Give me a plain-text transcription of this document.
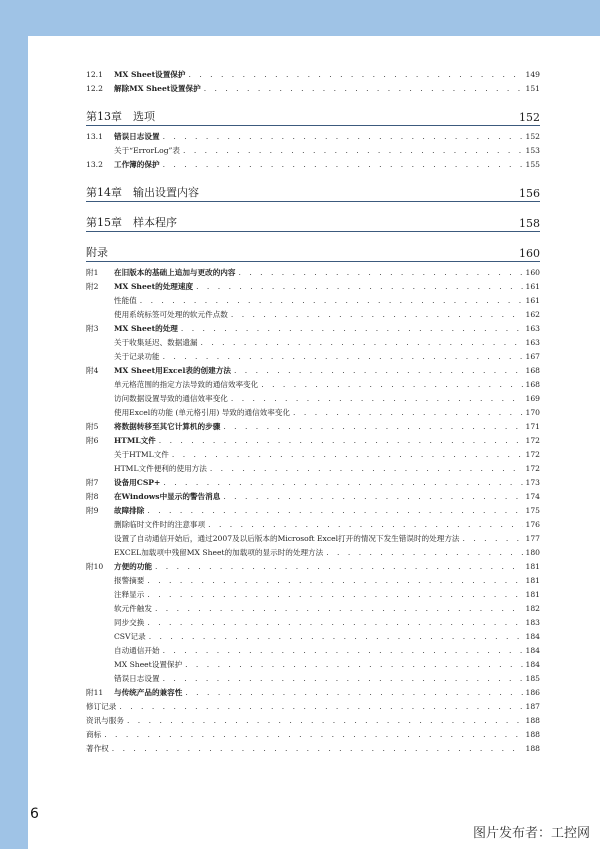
12.1	MX Sheet设置保护 . . .	149
12.2	解除MX Sheet设置保护 . . .	151
第13章　选项	152
13.1	错误日志设置 . . .	152
关于“ErrorLog”表 . . .	153
13.2	工作簿的保护 . . .	155
第14章　输出设置内容	156
第15章　样本程序	158
附录	160
附1	在旧版本的基础上追加与更改的内容 . . .	160
附2	MX Sheet的处理速度 . . .	161
性能值 . . .	161
使用系统标签可处理的软元件点数 . . .	162
附3	MX Sheet的处理 . . .	163
关于收集延迟、数据遗漏 . . .	163
关于记录功能 . . .	167
附4	MX Sheet用Excel表的创建方法 . . .	168
单元格范围的指定方法导致的通信效率变化 . . .	168
访问数据设置导致的通信效率变化 . . .	169
使用Excel的功能 (单元格引用) 导致的通信效率变化 . . .	170
附5	将数据转移至其它计算机的步骤 . . .	171
附6	HTML文件 . . .	172
关于HTML文件 . . .	172
HTML文件便利的使用方法 . . .	172
附7	设备用CSP+ . . .	173
附8	在Windows中显示的警告消息 . . .	174
附9	故障排除 . . .	175
删除临时文件时的注意事项 . . .	176
设置了自动通信开始后，通过2007及以后版本的Microsoft Excel打开的情况下发生错误时的处理方法 . . .	177
EXCEL加载项中残留MX Sheet的加载项的显示时的处理方法 . . .	180
附10	方便的功能 . . .	181
报警摘要 . . .	181
注释显示 . . .	181
软元件触发 . . .	182
同步交换 . . .	183
CSV记录 . . .	184
自动通信开始 . . .	184
MX Sheet设置保护 . . .	184
错误日志设置 . . .	185
附11	与传统产品的兼容性 . . .	186
修订记录 . . .	187
资讯与服务 . . .	188
商标 . . .	188
著作权 . . .	188
6
图片发布者：工控网
